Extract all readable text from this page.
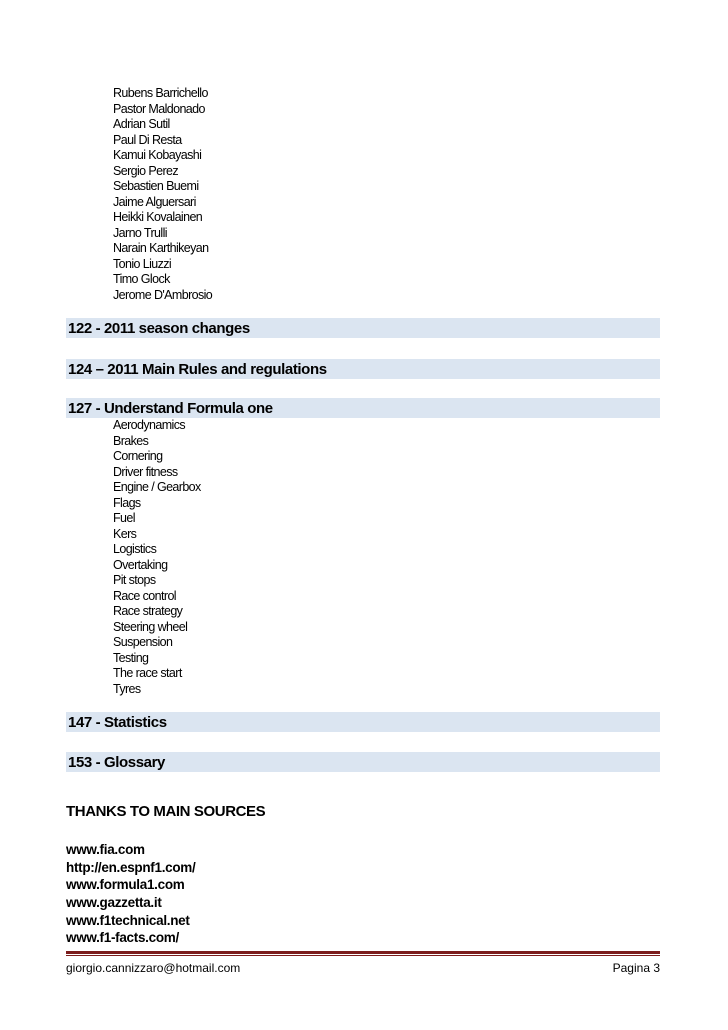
Rubens Barrichello
Pastor Maldonado
Adrian Sutil
Paul Di Resta
Kamui Kobayashi
Sergio Perez
Sebastien Buemi
Jaime Alguersari
Heikki Kovalainen
Jarno Trulli
Narain Karthikeyan
Tonio Liuzzi
Timo Glock
Jerome D'Ambrosio
122 - 2011 season changes
124 – 2011 Main Rules and regulations
127 - Understand Formula one
Aerodynamics
Brakes
Cornering
Driver fitness
Engine / Gearbox
Flags
Fuel
Kers
Logistics
Overtaking
Pit stops
Race control
Race strategy
Steering wheel
Suspension
Testing
The race start
Tyres
147 - Statistics
153 - Glossary
THANKS TO MAIN SOURCES
www.fia.com
http://en.espnf1.com/
www.formula1.com
www.gazzetta.it
www.f1technical.net
www.f1-facts.com/
giorgio.cannizzaro@hotmail.com	Pagina 3
